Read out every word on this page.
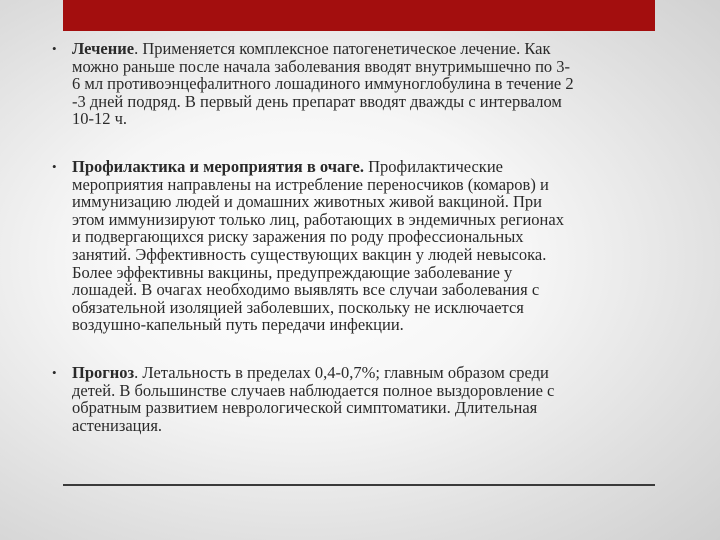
• Лечение. Применяется комплексное патогенетическое лечение. Как
можно раньше после начала заболевания вводят внутримышечно по 3-
6 мл противоэнцефалитного лошадиного иммуноглобулина в течение 2
-3 дней подряд. В первый день препарат вводят дважды с интервалом
10-12 ч.
• Профилактика и мероприятия в очаге. Профилактические
мероприятия направлены на истребление переносчиков (комаров) и
иммунизацию людей и домашних животных живой вакциной. При
этом иммунизируют только лиц, работающих в эндемичных регионах
и подвергающихся риску заражения по роду профессиональных
занятий. Эффективность существующих вакцин у людей невысока.
Более эффективны вакцины, предупреждающие заболевание у
лошадей. В очагах необходимо выявлять все случаи заболевания с
обязательной изоляцией заболевших, поскольку не исключается
воздушно-капельный путь передачи инфекции.
• Прогноз. Летальность в пределах 0,4-0,7%; главным образом среди
детей. В большинстве случаев наблюдается полное выздоровление с
обратным развитием неврологической симптоматики. Длительная
астенизация.
